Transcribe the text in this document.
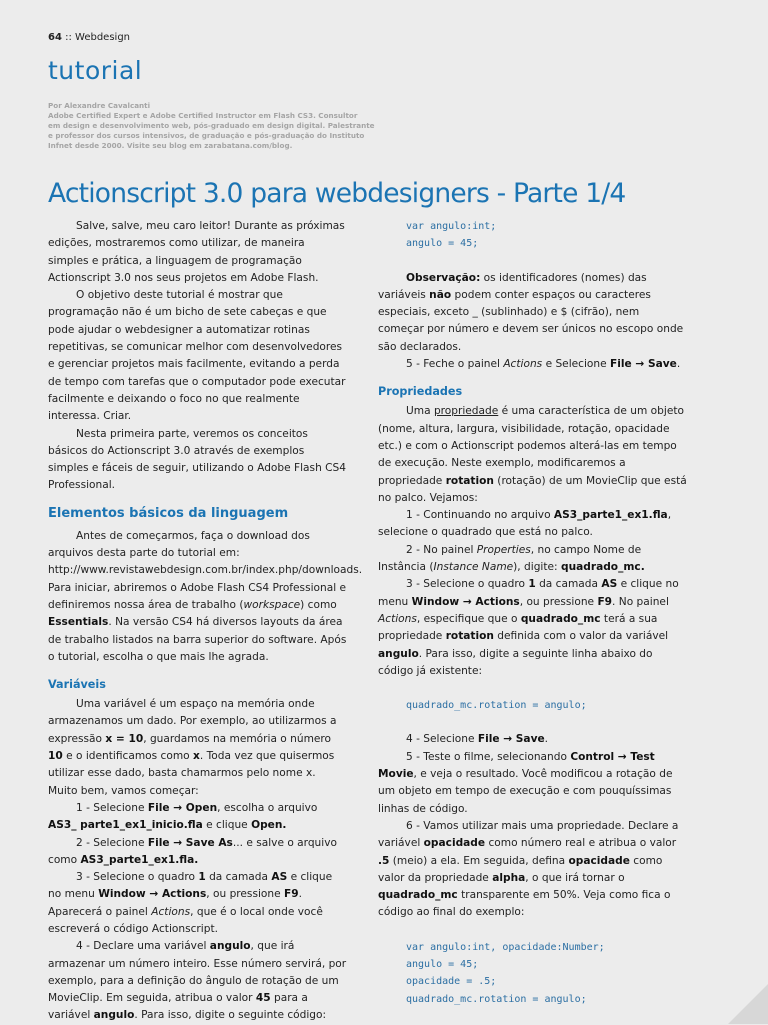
64 :: Webdesign
tutorial

Por Alexandre Cavalcanti

Adobe Certified Expert e Adobe Certified Instructor em Flash CS3. Consultor

em design e desenvolvimento web, pós-graduado em design digital. Palestrante

e professor dos cursos intensivos, de graduação e pós-graduação do Instituto

Infnet desde 2000. Visite seu blog em zarabatana.com/blog.

Actionscript 3.0 para webdesigners - Parte 1/4

Salve, salve, meu caro leitor! Durante as próximas edições, mostraremos como utilizar, de maneira simples e prática, a linguagem de programação Actionscript 3.0 nos seus projetos em Adobe Flash.

O objetivo deste tutorial é mostrar que programação não é um bicho de sete cabeças e que pode ajudar o webdesigner a automatizar rotinas repetitivas, se comunicar melhor com desenvolvedores e gerenciar projetos mais facilmente, evitando a perda de tempo com tarefas que o computador pode executar facilmente e deixando o foco no que realmente interessa. Criar.

Nesta primeira parte, veremos os conceitos básicos do Actionscript 3.0 através de exemplos simples e fáceis de seguir, utilizando o Adobe Flash CS4 Professional.

Elementos básicos da linguagem

Antes de começarmos, faça o download dos arquivos desta parte do tutorial em: http://www.revistawebdesign.com.br/index.php/downloads. Para iniciar, abriremos o Adobe Flash CS4 Professional e definiremos nossa área de trabalho (workspace) como Essentials. Na versão CS4 há diversos layouts da área de trabalho listados na barra superior do software. Após o tutorial, escolha o que mais lhe agrada.

Variáveis

Uma variável é um espaço na memória onde armazenamos um dado. Por exemplo, ao utilizarmos a expressão x = 10, guardamos na memória o número 10 e o identificamos como x. Toda vez que quisermos utilizar esse dado, basta chamarmos pelo nome x. Muito bem, vamos começar:

1 - Selecione File → Open, escolha o arquivo AS3_ parte1_ex1_inicio.fla e clique Open.

2 - Selecione File → Save As... e salve o arquivo como AS3_parte1_ex1.fla.

3 - Selecione o quadro 1 da camada AS e clique no menu Window → Actions, ou pressione F9. Aparecerá o painel Actions, que é o local onde você escreverá o código Actionscript.

4 - Declare uma variável angulo, que irá armazenar um número inteiro. Esse número servirá, por exemplo, para a definição do ângulo de rotação de um MovieClip. Em seguida, atribua o valor 45 para a variável angulo. Para isso, digite o seguinte código:

var angulo:int;
angulo = 45;

Observação: os identificadores (nomes) das variáveis não podem conter espaços ou caracteres especiais, exceto _ (sublinhado) e $ (cifrão), nem começar por número e devem ser únicos no escopo onde são declarados.

5 - Feche o painel Actions e Selecione File → Save.

Propriedades

Uma propriedade é uma característica de um objeto (nome, altura, largura, visibilidade, rotação, opacidade etc.) e com o Actionscript podemos alterá-las em tempo de execução. Neste exemplo, modificaremos a propriedade rotation (rotação) de um MovieClip que está no palco. Vejamos:

1 - Continuando no arquivo AS3_parte1_ex1.fla, selecione o quadrado que está no palco.

2 - No painel Properties, no campo Nome de Instância (Instance Name), digite: quadrado_mc.

3 - Selecione o quadro 1 da camada AS e clique no menu Window → Actions, ou pressione F9. No painel Actions, especifique que o quadrado_mc terá a sua propriedade rotation definida com o valor da variável angulo. Para isso, digite a seguinte linha abaixo do código já existente:

quadrado_mc.rotation = angulo;

4 - Selecione File → Save.

5 - Teste o filme, selecionando Control → Test Movie, e veja o resultado. Você modificou a rotação de um objeto em tempo de execução e com pouquíssimas linhas de código.

6 - Vamos utilizar mais uma propriedade. Declare a variável opacidade como número real e atribua o valor .5 (meio) a ela. Em seguida, defina opacidade como valor da propriedade alpha, o que irá tornar o quadrado_mc transparente em 50%. Veja como fica o código ao final do exemplo:

var angulo:int, opacidade:Number;
angulo = 45;
opacidade = .5;
quadrado_mc.rotation = angulo;
